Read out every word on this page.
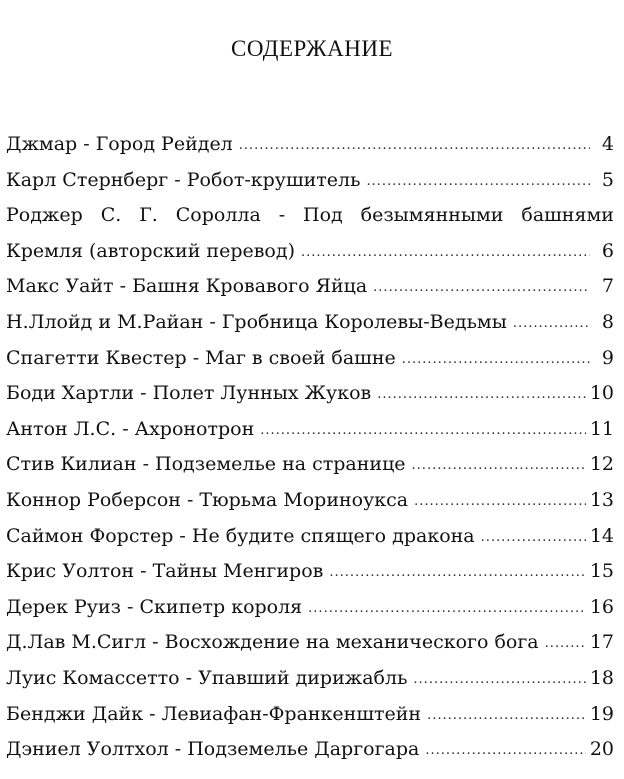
СОДЕРЖАНИЕ
Джмар - Город Рейдел .....	4
Карл Стернберг - Робот-крушитель .....	5
Роджер С. Г. Соролла - Под безымянными башнями
Кремля (авторский перевод) .....	6
Макс Уайт - Башня Кровавого Яйца .....	7
Н.Ллойд и М.Райан - Гробница Королевы-Ведьмы .....	8
Спагетти Квестер - Маг в своей башне .....	9
Боди Хартли - Полет Лунных Жуков .....	10
Антон Л.С. - Ахронотрон .....	11
Стив Килиан - Подземелье на странице .....	12
Коннор Роберсон - Тюрьма Мориноукса .....	13
Саймон Форстер - Не будите спящего дракона .....	14
Крис Уолтон - Тайны Менгиров .....	15
Дерек Руиз - Скипетр короля .....	16
Д.Лав М.Сигл - Восхождение на механического бога .....	17
Луис Комассетто - Упавший дирижабль .....	18
Бенджи Дайк - Левиафан-Франкенштейн .....	19
Дэниел Уолтхол - Подземелье Даргогара .....	20
